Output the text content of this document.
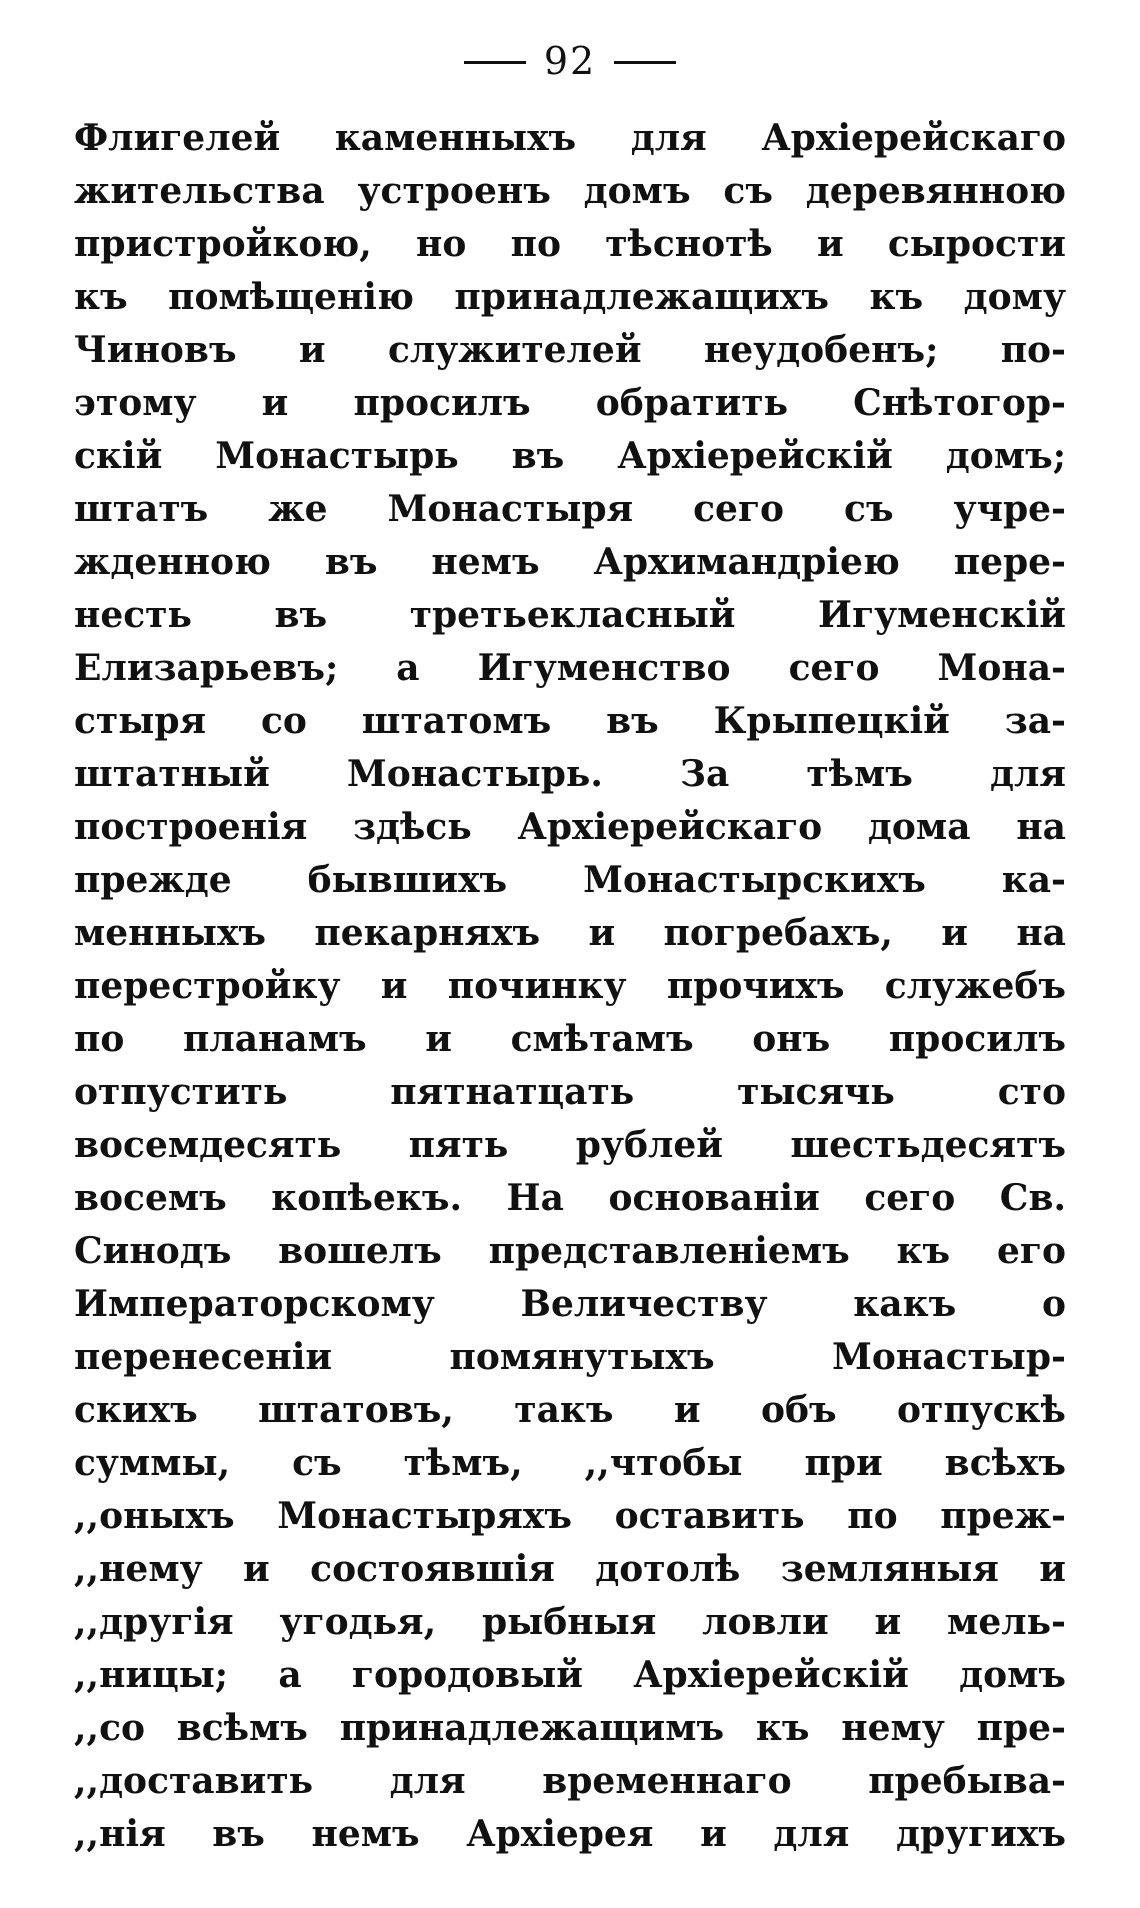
92
Флигелей каменныхъ для Архіерейскаго
жительства устроенъ домъ съ деревянною
пристройкою, но по тѣснотѣ и сырости
къ помѣщенію принадлежащихъ къ дому
Чиновъ и служителей неудобенъ; по-
этому и просилъ обратить Снѣтогор-
скій Монастырь въ Архіерейскій домъ;
штатъ же Монастыря сего съ учре-
жденною въ немъ Архимандріею пере-
несть въ третьекласный Игуменскій
Елизарьевъ; а Игуменство сего Мона-
стыря со штатомъ въ Крыпецкій за-
штатный Монастырь. За тѣмъ для
построенія здѣсь Архіерейскаго дома на
прежде бывшихъ Монастырскихъ ка-
менныхъ пекарняхъ и погребахъ, и на
перестройку и починку прочихъ служебъ
по планамъ и смѣтамъ онъ просилъ
отпустить пятнатцать тысячь сто
восемдесять пять рублей шестьдесятъ
восемъ копѣекъ. На основаніи сего Св.
Синодъ вошелъ представленіемъ къ его
Императорскому Величеству какъ о
перенесеніи помянутыхъ Монастыр-
скихъ штатовъ, такъ и объ отпускѣ
суммы, съ тѣмъ, ,,чтобы при всѣхъ
,,оныхъ Монастыряхъ оставить по преж-
,,нему и состоявшія дотолѣ земляныя и
,,другія угодья, рыбныя ловли и мель-
,,ницы; а городовый Архіерейскій домъ
,,со всѣмъ принадлежащимъ къ нему пре-
,,доставить для временнаго пребыва-
,,нія въ немъ Архіерея и для другихъ
